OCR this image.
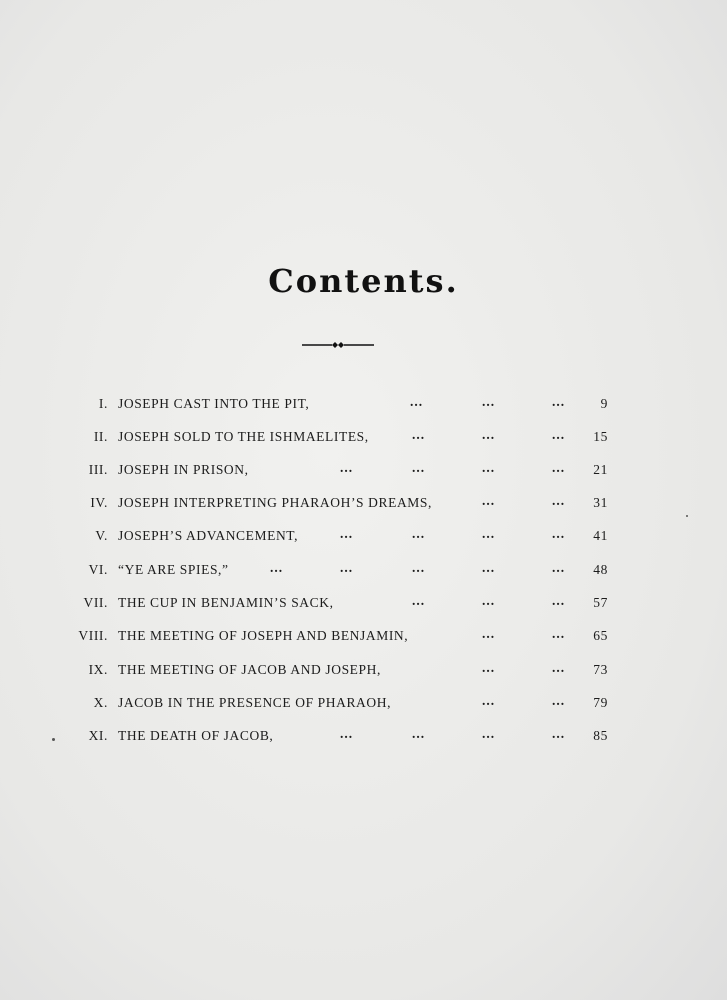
Contents.
I. JOSEPH CAST INTO THE PIT,	...	...	...	9
II. JOSEPH SOLD TO THE ISHMAELITES,	...	...	...	15
III. JOSEPH IN PRISON,	...	...	...	...	21
IV. JOSEPH INTERPRETING PHARAOH’S DREAMS,	...	...	31
V. JOSEPH’S ADVANCEMENT,	...	...	...	...	41
VI. “YE ARE SPIES,”	...	...	...	...	...	48
VII. THE CUP IN BENJAMIN’S SACK,	...	...	...	57
VIII. THE MEETING OF JOSEPH AND BENJAMIN,	...	...	65
IX. THE MEETING OF JACOB AND JOSEPH,	...	...	73
X. JACOB IN THE PRESENCE OF PHARAOH,	...	...	79
XI. THE DEATH OF JACOB,	...	...	...	...	85
